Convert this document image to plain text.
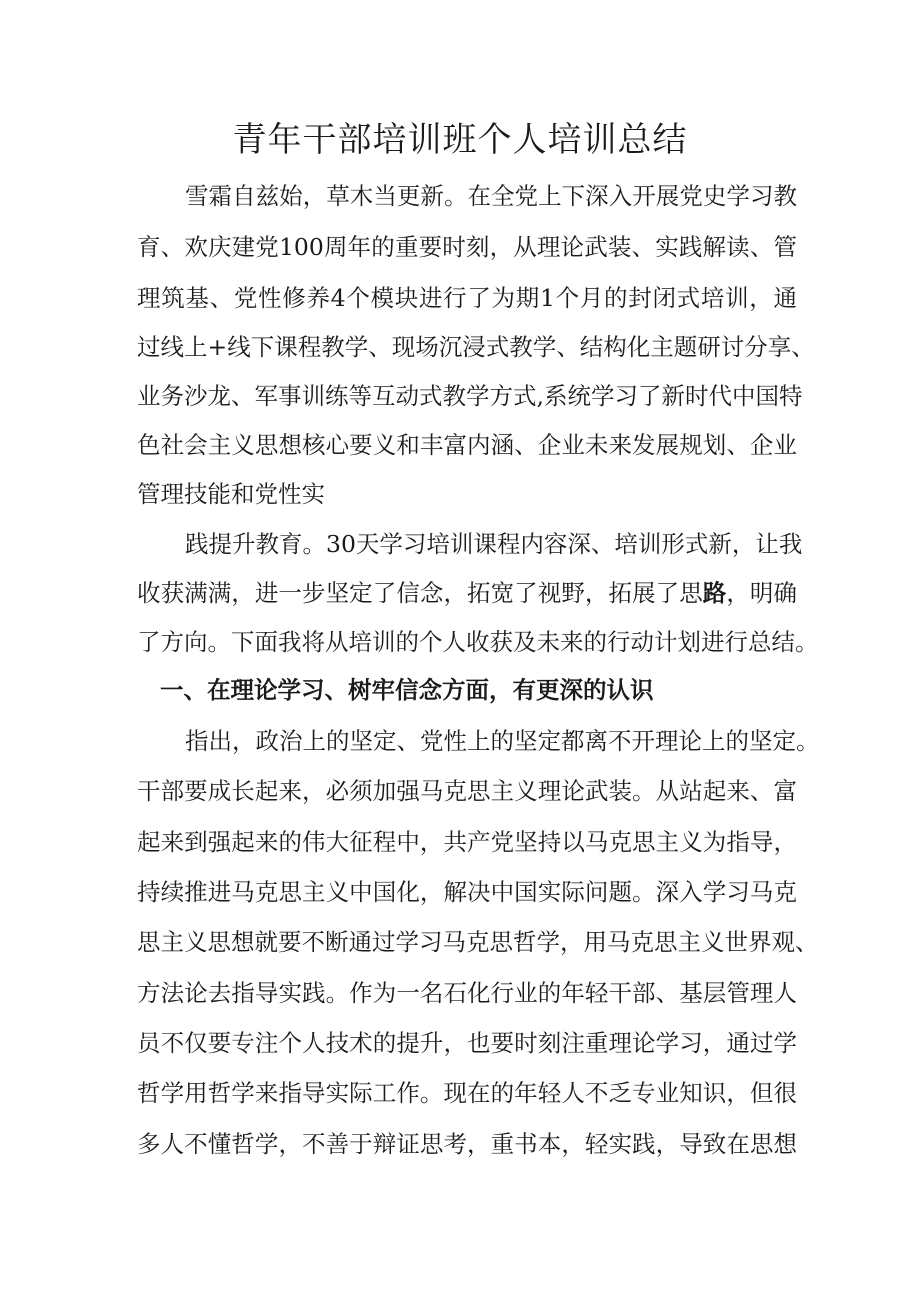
青年干部培训班个人培训总结

雪霜自兹始，草木当更新。在全党上下深入开展党史学习教

育、欢庆建党100周年的重要时刻，从理论武装、实践解读、管

理筑基、党性修养4个模块进行了为期1个月的封闭式培训，通

过线上+线下课程教学、现场沉浸式教学、结构化主题研讨分享、

业务沙龙、军事训练等互动式教学方式,系统学习了新时代中国特

色社会主义思想核心要义和丰富内涵、企业未来发展规划、企业

管理技能和党性实

践提升教育。30天学习培训课程内容深、培训形式新，让我

收获满满，进一步坚定了信念，拓宽了视野，拓展了思路，明确

了方向。下面我将从培训的个人收获及未来的行动计划进行总结。

一、在理论学习、树牢信念方面，有更深的认识

指出，政治上的坚定、党性上的坚定都离不开理论上的坚定。

干部要成长起来，必须加强马克思主义理论武装。从站起来、富

起来到强起来的伟大征程中，共产党坚持以马克思主义为指导，

持续推进马克思主义中国化，解决中国实际问题。深入学习马克

思主义思想就要不断通过学习马克思哲学，用马克思主义世界观、

方法论去指导实践。作为一名石化行业的年轻干部、基层管理人

员不仅要专注个人技术的提升，也要时刻注重理论学习，通过学

哲学用哲学来指导实际工作。现在的年轻人不乏专业知识，但很

多人不懂哲学，不善于辩证思考，重书本，轻实践，导致在思想
